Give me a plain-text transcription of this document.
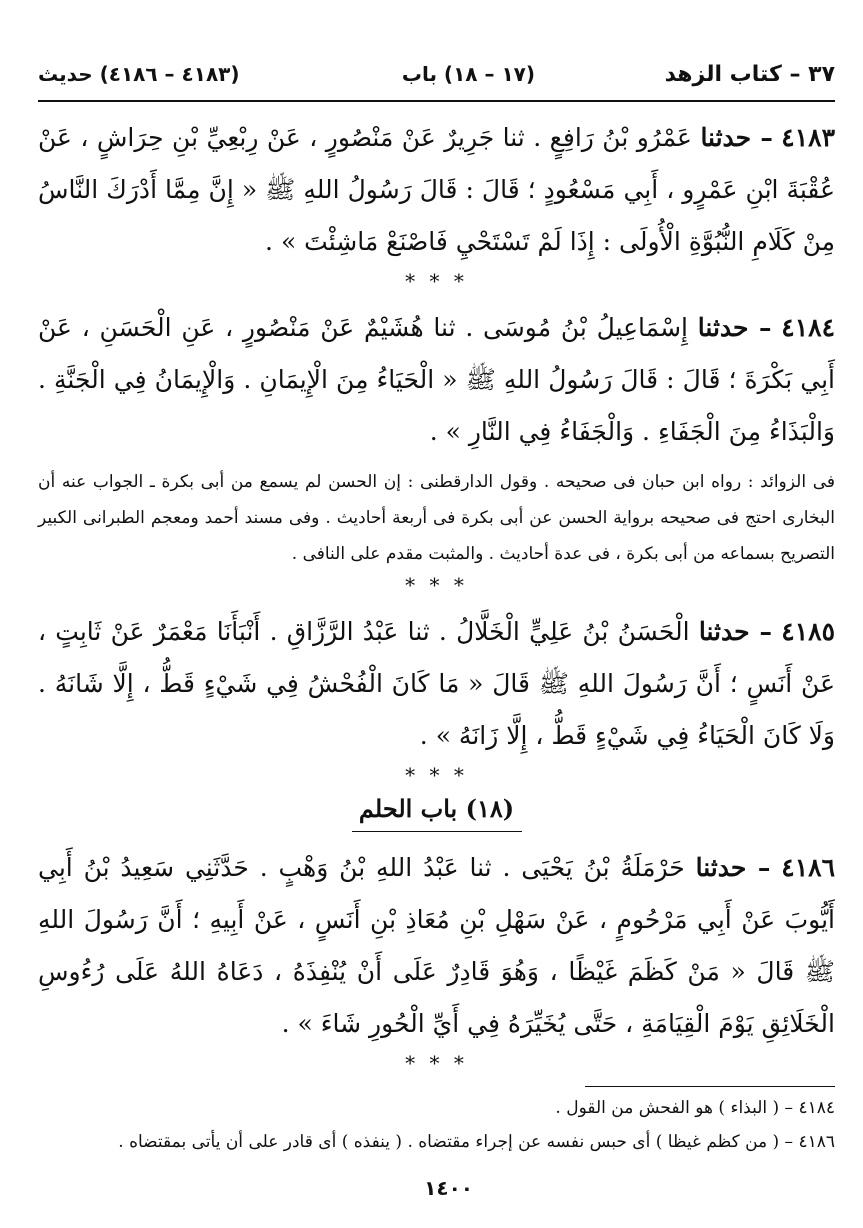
٣٧ – كتاب الزهد
(١٧ – ١٨) باب
(٤١٨٣ – ٤١٨٦) حديث
٤١٨٣ – حدثنا عَمْرُو بْنُ رَافِعٍ . ثنا جَرِيرٌ عَنْ مَنْصُورٍ ، عَنْ رِبْعِيِّ بْنِ حِرَاشٍ ، عَنْ عُقْبَةَ ابْنِ عَمْرٍو ، أَبِي مَسْعُودٍ ؛ قَالَ : قَالَ رَسُولُ اللهِ ﷺ « إِنَّ مِمَّا أَدْرَكَ النَّاسُ مِنْ كَلَامِ النُّبُوَّةِ الْأُولَى : إِذَا لَمْ تَسْتَحْيِ فَاصْنَعْ مَاشِئْتَ » .
* * *
٤١٨٤ – حدثنا إِسْمَاعِيلُ بْنُ مُوسَى . ثنا هُشَيْمٌ عَنْ مَنْصُورٍ ، عَنِ الْحَسَنِ ، عَنْ أَبِي بَكْرَةَ ؛ قَالَ : قَالَ رَسُولُ اللهِ ﷺ « الْحَيَاءُ مِنَ الْإِيمَانِ . وَالْإِيمَانُ فِي الْجَنَّةِ . وَالْبَذَاءُ مِنَ الْجَفَاءِ . وَالْجَفَاءُ فِي النَّارِ » .
فى الزوائد : رواه ابن حبان فى صحيحه . وقول الدارقطنى : إن الحسن لم يسمع من أبى بكرة ـ الجواب عنه أن البخارى احتج فى صحيحه برواية الحسن عن أبى بكرة فى أربعة أحاديث . وفى مسند أحمد ومعجم الطبرانى الكبير التصريح بسماعه من أبى بكرة ، فى عدة أحاديث . والمثبت مقدم على النافى .
* * *
٤١٨٥ – حدثنا الْحَسَنُ بْنُ عَلِيٍّ الْخَلَّالُ . ثنا عَبْدُ الرَّزَّاقِ . أَنْبَأَنَا مَعْمَرٌ عَنْ ثَابِتٍ ، عَنْ أَنَسٍ ؛ أَنَّ رَسُولَ اللهِ ﷺ قَالَ « مَا كَانَ الْفُحْشُ فِي شَيْءٍ قَطُّ ، إِلَّا شَانَهُ . وَلَا كَانَ الْحَيَاءُ فِي شَيْءٍ قَطُّ ، إِلَّا زَانَهُ » .
* * *
(١٨) باب الحلم
٤١٨٦ – حدثنا حَرْمَلَةُ بْنُ يَحْيَى . ثنا عَبْدُ اللهِ بْنُ وَهْبٍ . حَدَّثَنِي سَعِيدُ بْنُ أَبِي أَيُّوبَ عَنْ أَبِي مَرْحُومٍ ، عَنْ سَهْلِ بْنِ مُعَاذِ بْنِ أَنَسٍ ، عَنْ أَبِيهِ ؛ أَنَّ رَسُولَ اللهِ ﷺ قَالَ « مَنْ كَظَمَ غَيْظًا ، وَهُوَ قَادِرٌ عَلَى أَنْ يُنْفِذَهُ ، دَعَاهُ اللهُ عَلَى رُءُوسِ الْخَلَائِقِ يَوْمَ الْقِيَامَةِ ، حَتَّى يُخَيِّرَهُ فِي أَيِّ الْحُورِ شَاءَ » .
* * *

٤١٨٤ – ( البذاء ) هو الفحش من القول .

٤١٨٦ – ( من كظم غيظا ) أى حبس نفسه عن إجراء مقتضاه . ( ينفذه ) أى قادر على أن يأتى بمقتضاه .

١٤٠٠
